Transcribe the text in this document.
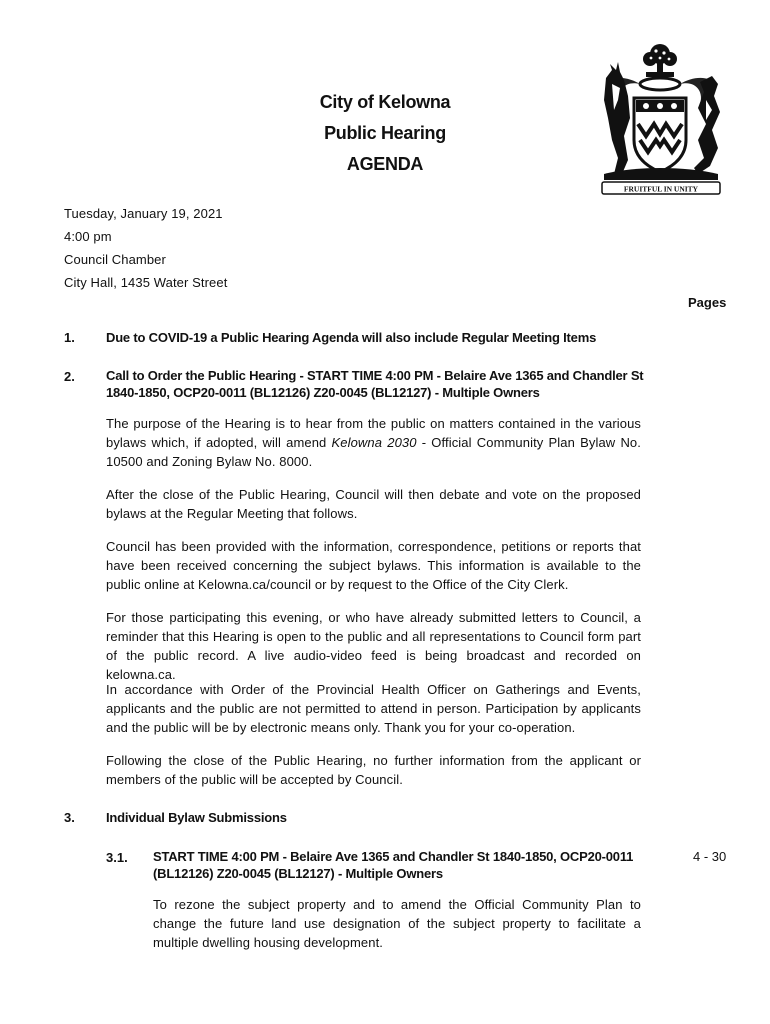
City of Kelowna
Public Hearing
AGENDA
FRUITFUL IN UNITY
Tuesday, January 19, 2021
4:00 pm
Council Chamber
City Hall, 1435 Water Street
Pages
1. Due to COVID-19 a Public Hearing Agenda will also include Regular Meeting Items
2. Call to Order the Public Hearing - START TIME 4:00 PM - Belaire Ave 1365 and Chandler St
1840-1850, OCP20-0011 (BL12126) Z20-0045 (BL12127) - Multiple Owners
The purpose of the Hearing is to hear from the public on matters contained in the various bylaws which, if adopted, will amend Kelowna 2030 - Official Community Plan Bylaw No. 10500 and Zoning Bylaw No. 8000.
After the close of the Public Hearing, Council will then debate and vote on the proposed bylaws at the Regular Meeting that follows.
Council has been provided with the information, correspondence, petitions or reports that have been received concerning the subject bylaws. This information is available to the public online at Kelowna.ca/council or by request to the Office of the City Clerk.
For those participating this evening, or who have already submitted letters to Council, a reminder that this Hearing is open to the public and all representations to Council form part of the public record. A live audio-video feed is being broadcast and recorded on kelowna.ca.
In accordance with Order of the Provincial Health Officer on Gatherings and Events, applicants and the public are not permitted to attend in person. Participation by applicants and the public will be by electronic means only. Thank you for your co-operation.
Following the close of the Public Hearing, no further information from the applicant or members of the public will be accepted by Council.
3. Individual Bylaw Submissions
3.1. START TIME 4:00 PM - Belaire Ave 1365 and Chandler St 1840-1850, OCP20-0011
(BL12126) Z20-0045 (BL12127) - Multiple Owners
4 - 30
To rezone the subject property and to amend the Official Community Plan to change the future land use designation of the subject property to facilitate a multiple dwelling housing development.
